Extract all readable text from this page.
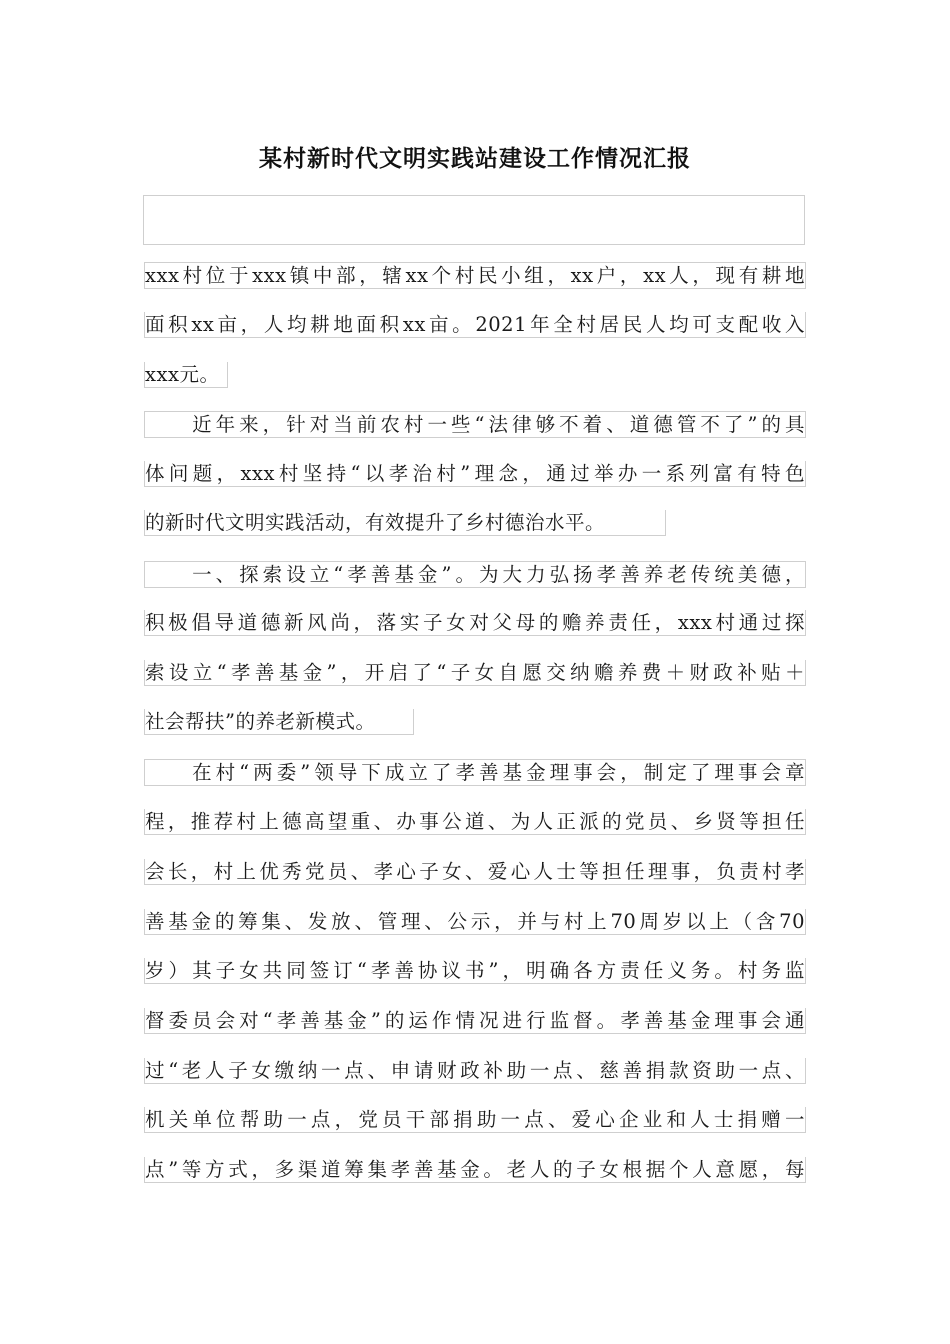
某村新时代文明实践站建设工作情况汇报
xxx村位于xxx镇中部，辖xx个村民小组，xx户，xx人，现有耕地
面积xx亩，人均耕地面积xx亩。2021年全村居民人均可支配收入
xxx元。
　　近年来，针对当前农村一些“法律够不着、道德管不了”的具
体问题，xxx村坚持“以孝治村”理念，通过举办一系列富有特色
的新时代文明实践活动，有效提升了乡村德治水平。
　　一、探索设立“孝善基金”。为大力弘扬孝善养老传统美德，
积极倡导道德新风尚，落实子女对父母的赡养责任，xxx村通过探
索设立“孝善基金”，开启了“子女自愿交纳赡养费＋财政补贴＋
社会帮扶”的养老新模式。
　　在村“两委”领导下成立了孝善基金理事会，制定了理事会章
程，推荐村上德高望重、办事公道、为人正派的党员、乡贤等担任
会长，村上优秀党员、孝心子女、爱心人士等担任理事，负责村孝
善基金的筹集、发放、管理、公示，并与村上70周岁以上（含70
岁）其子女共同签订“孝善协议书”，明确各方责任义务。村务监
督委员会对“孝善基金”的运作情况进行监督。孝善基金理事会通
过“老人子女缴纳一点、申请财政补助一点、慈善捐款资助一点、
机关单位帮助一点，党员干部捐助一点、爱心企业和人士捐赠一
点”等方式，多渠道筹集孝善基金。老人的子女根据个人意愿，每
